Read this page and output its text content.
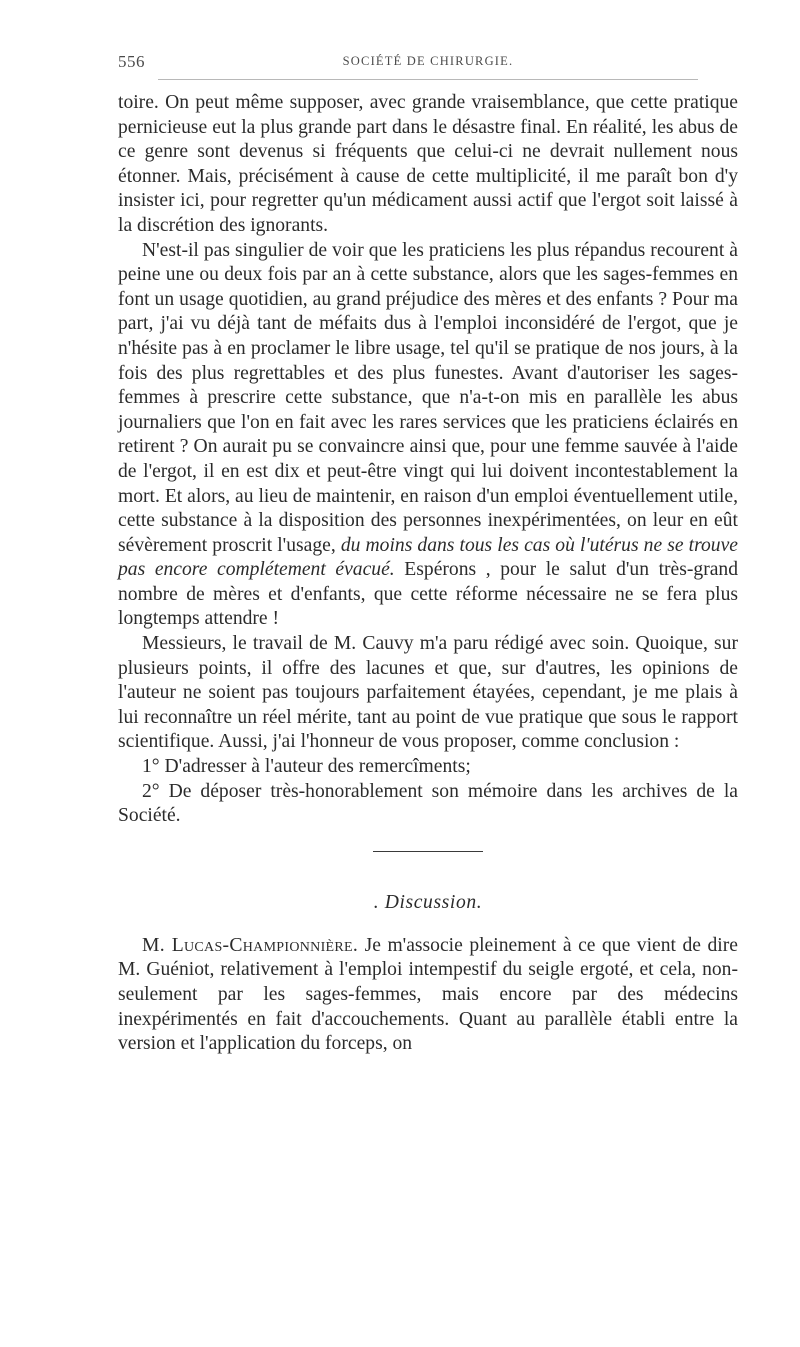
556	SOCIÉTÉ DE CHIRURGIE.

toire. On peut même supposer, avec grande vraisemblance, que cette pratique pernicieuse eut la plus grande part dans le désastre final. En réalité, les abus de ce genre sont devenus si fréquents que celui-ci ne devrait nullement nous étonner. Mais, précisément à cause de cette multiplicité, il me paraît bon d'y insister ici, pour regretter qu'un médicament aussi actif que l'ergot soit laissé à la discrétion des ignorants.

N'est-il pas singulier de voir que les praticiens les plus répandus recourent à peine une ou deux fois par an à cette substance, alors que les sages-femmes en font un usage quotidien, au grand préjudice des mères et des enfants ? Pour ma part, j'ai vu déjà tant de méfaits dus à l'emploi inconsidéré de l'ergot, que je n'hésite pas à en proclamer le libre usage, tel qu'il se pratique de nos jours, à la fois des plus regrettables et des plus funestes. Avant d'autoriser les sages-femmes à prescrire cette substance, que n'a-t-on mis en parallèle les abus journaliers que l'on en fait avec les rares services que les praticiens éclairés en retirent ? On aurait pu se convaincre ainsi que, pour une femme sauvée à l'aide de l'ergot, il en est dix et peut-être vingt qui lui doivent incontestablement la mort. Et alors, au lieu de maintenir, en raison d'un emploi éventuellement utile, cette substance à la disposition des personnes inexpérimentées, on leur en eût sévèrement proscrit l'usage, du moins dans tous les cas où l'utérus ne se trouve pas encore complétement évacué. Espérons , pour le salut d'un très-grand nombre de mères et d'enfants, que cette réforme nécessaire ne se fera plus longtemps attendre !

Messieurs, le travail de M. Cauvy m'a paru rédigé avec soin. Quoique, sur plusieurs points, il offre des lacunes et que, sur d'autres, les opinions de l'auteur ne soient pas toujours parfaitement étayées, cependant, je me plais à lui reconnaître un réel mérite, tant au point de vue pratique que sous le rapport scientifique. Aussi, j'ai l'honneur de vous proposer, comme conclusion :

1° D'adresser à l'auteur des remercîments;

2° De déposer très-honorablement son mémoire dans les archives de la Société.

. Discussion.

M. Lucas-Championnière. Je m'associe pleinement à ce que vient de dire M. Guéniot, relativement à l'emploi intempestif du seigle ergoté, et cela, non-seulement par les sages-femmes, mais encore par des médecins inexpérimentés en fait d'accouchements. Quant au parallèle établi entre la version et l'application du forceps, on
